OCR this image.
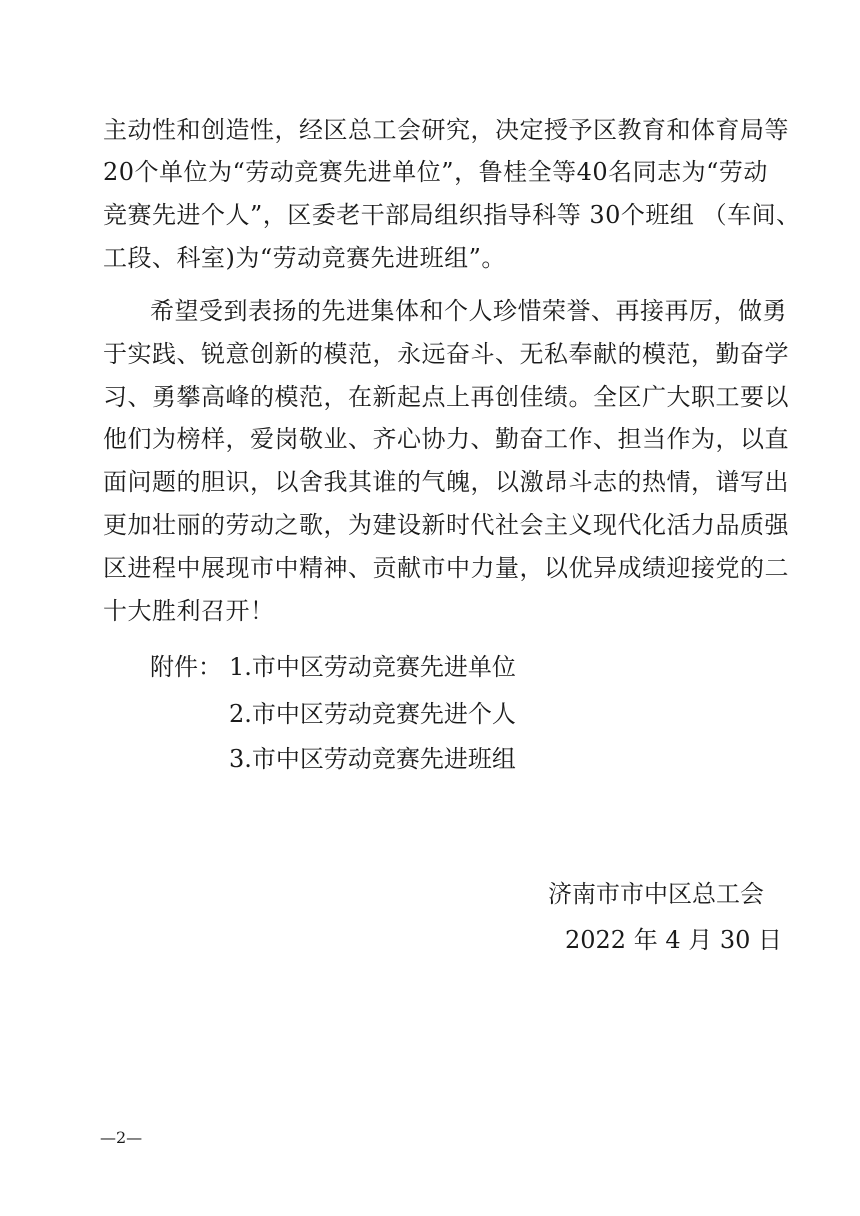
主动性和创造性，经区总工会研究，决定授予区教育和体育局等
20个单位为“劳动竞赛先进单位”，鲁桂全等40名同志为“劳动
竞赛先进个人”，区委老干部局组织指导科等 30个班组 （车间、
工段、科室)为“劳动竞赛先进班组”。
希望受到表扬的先进集体和个人珍惜荣誉、再接再厉，做勇
于实践、锐意创新的模范，永远奋斗、无私奉献的模范，勤奋学
习、勇攀高峰的模范，在新起点上再创佳绩。全区广大职工要以
他们为榜样，爱岗敬业、齐心协力、勤奋工作、担当作为，以直
面问题的胆识，以舍我其谁的气魄，以激昂斗志的热情，谱写出
更加壮丽的劳动之歌，为建设新时代社会主义现代化活力品质强
区进程中展现市中精神、贡献市中力量，以优异成绩迎接党的二
十大胜利召开！
附件： 1.市中区劳动竞赛先进单位
2.市中区劳动竞赛先进个人
3.市中区劳动竞赛先进班组
济南市市中区总工会
2022 年 4 月 30 日
—2—
